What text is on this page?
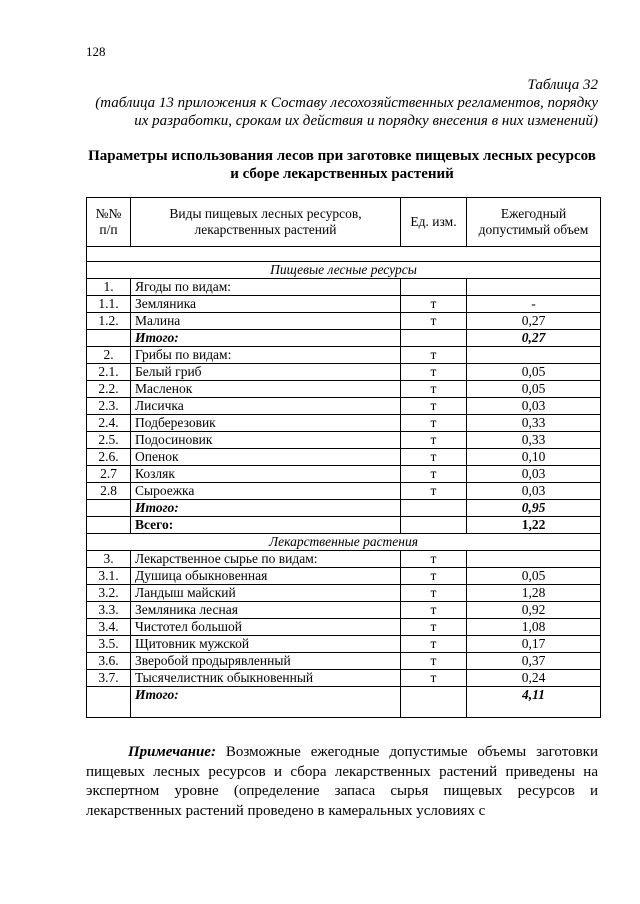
128
Таблица 32
(таблица 13 приложения к Составу лесохозяйственных регламентов, порядку их разработки, срокам их действия и порядку внесения в них изменений)
Параметры использования лесов при заготовке пищевых лесных ресурсов и сборе лекарственных растений
№№ п/п	Виды пищевых лесных ресурсов, лекарственных растений	Ед. изм.	Ежегодный допустимый объем

Пищевые лесные ресурсы			
1.	Ягоды по видам:		
1.1.	Земляника	т	-
1.2.	Малина	т	0,27
	Итого:		0,27
2.	Грибы по видам:	т	
2.1.	Белый гриб	т	0,05
2.2.	Масленок	т	0,05
2.3.	Лисичка	т	0,03
2.4.	Подберезовик	т	0,33
2.5.	Подосиновик	т	0,33
2.6.	Опенок	т	0,10
2.7	Козляк	т	0,03
2.8	Сыроежка	т	0,03
	Итого:		0,95
	Всего:		1,22
Лекарственные растения			
3.	Лекарственное сырье по видам:	т	
3.1.	Душица обыкновенная	т	0,05
3.2.	Ландыш майский	т	1,28
3.3.	Земляника лесная	т	0,92
3.4.	Чистотел большой	т	1,08
3.5.	Щитовник мужской	т	0,17
3.6.	Зверобой продырявленный	т	0,37
3.7.	Тысячелистник обыкновенный	т	0,24
	Итого:		4,11
Примечание: Возможные ежегодные допустимые объемы заготовки пищевых лесных ресурсов и сбора лекарственных растений приведены на экспертном уровне (определение запаса сырья пищевых ресурсов и лекарственных растений проведено в камеральных условиях с
